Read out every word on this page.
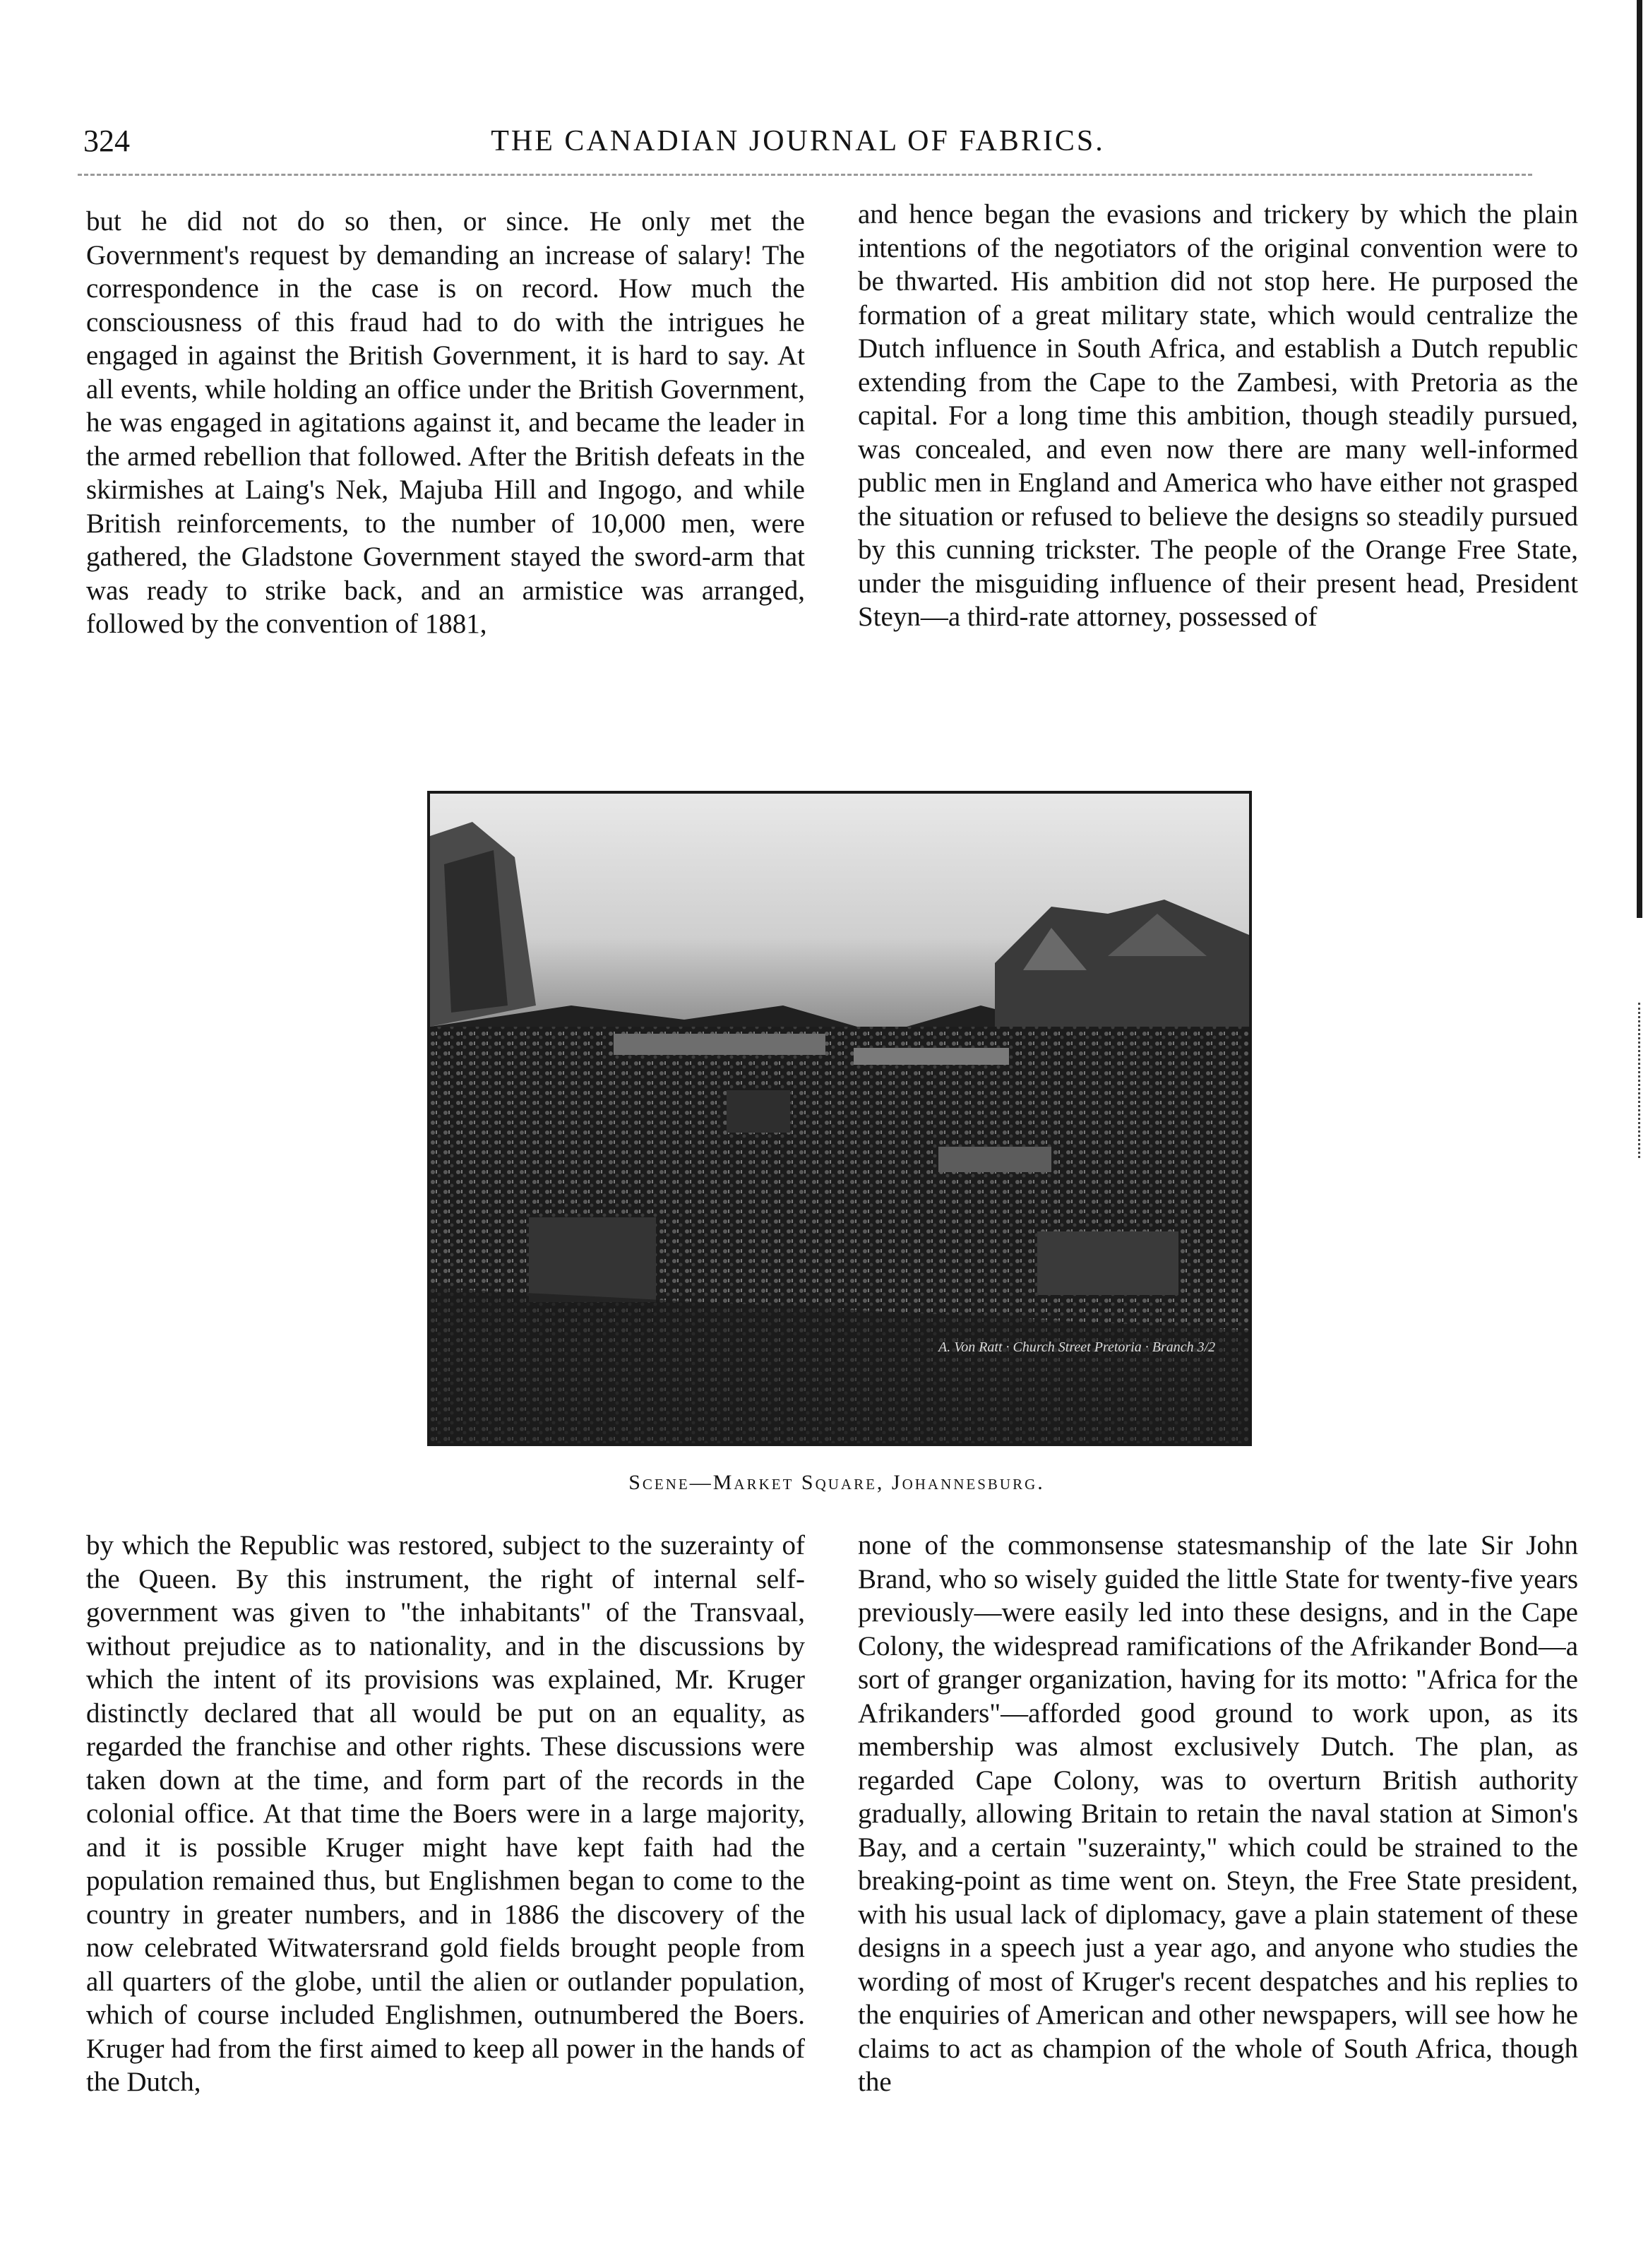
324	THE CANADIAN JOURNAL OF FABRICS.

but he did not do so then, or since. He only met the Government's request by demanding an increase of salary! The correspondence in the case is on record. How much the consciousness of this fraud had to do with the intrigues he engaged in against the British Government, it is hard to say. At all events, while holding an office under the British Government, he was engaged in agitations against it, and became the leader in the armed rebellion that followed. After the British defeats in the skirmishes at Laing's Nek, Majuba Hill and Ingogo, and while British reinforcements, to the number of 10,000 men, were gathered, the Gladstone Government stayed the sword-arm that was ready to strike back, and an armistice was arranged, followed by the convention of 1881,

and hence began the evasions and trickery by which the plain intentions of the negotiators of the original convention were to be thwarted. His ambition did not stop here. He purposed the formation of a great military state, which would centralize the Dutch influence in South Africa, and establish a Dutch republic extending from the Cape to the Zambesi, with Pretoria as the capital. For a long time this ambition, though steadily pursued, was concealed, and even now there are many well-informed public men in England and America who have either not grasped the situation or refused to believe the designs so steadily pursued by this cunning trickster. The people of the Orange Free State, under the misguiding influence of their present head, President Steyn—a third-rate attorney, possessed of

A. Von Ratt · Church Street Pretoria · Branch 3/2
Scene—Market Square, Johannesburg.

by which the Republic was restored, subject to the suzerainty of the Queen. By this instrument, the right of internal self-government was given to "the inhabitants" of the Transvaal, without prejudice as to nationality, and in the discussions by which the intent of its provisions was explained, Mr. Kruger distinctly declared that all would be put on an equality, as regarded the franchise and other rights. These discussions were taken down at the time, and form part of the records in the colonial office. At that time the Boers were in a large majority, and it is possible Kruger might have kept faith had the population remained thus, but Englishmen began to come to the country in greater numbers, and in 1886 the discovery of the now celebrated Witwatersrand gold fields brought people from all quarters of the globe, until the alien or outlander population, which of course included Englishmen, outnumbered the Boers. Kruger had from the first aimed to keep all power in the hands of the Dutch,

none of the commonsense statesmanship of the late Sir John Brand, who so wisely guided the little State for twenty-five years previously—were easily led into these designs, and in the Cape Colony, the widespread ramifications of the Afrikander Bond—a sort of granger organization, having for its motto: "Africa for the Afrikanders"—afforded good ground to work upon, as its membership was almost exclusively Dutch. The plan, as regarded Cape Colony, was to overturn British authority gradually, allowing Britain to retain the naval station at Simon's Bay, and a certain "suzerainty," which could be strained to the breaking-point as time went on. Steyn, the Free State president, with his usual lack of diplomacy, gave a plain statement of these designs in a speech just a year ago, and anyone who studies the wording of most of Kruger's recent despatches and his replies to the enquiries of American and other newspapers, will see how he claims to act as champion of the whole of South Africa, though the
